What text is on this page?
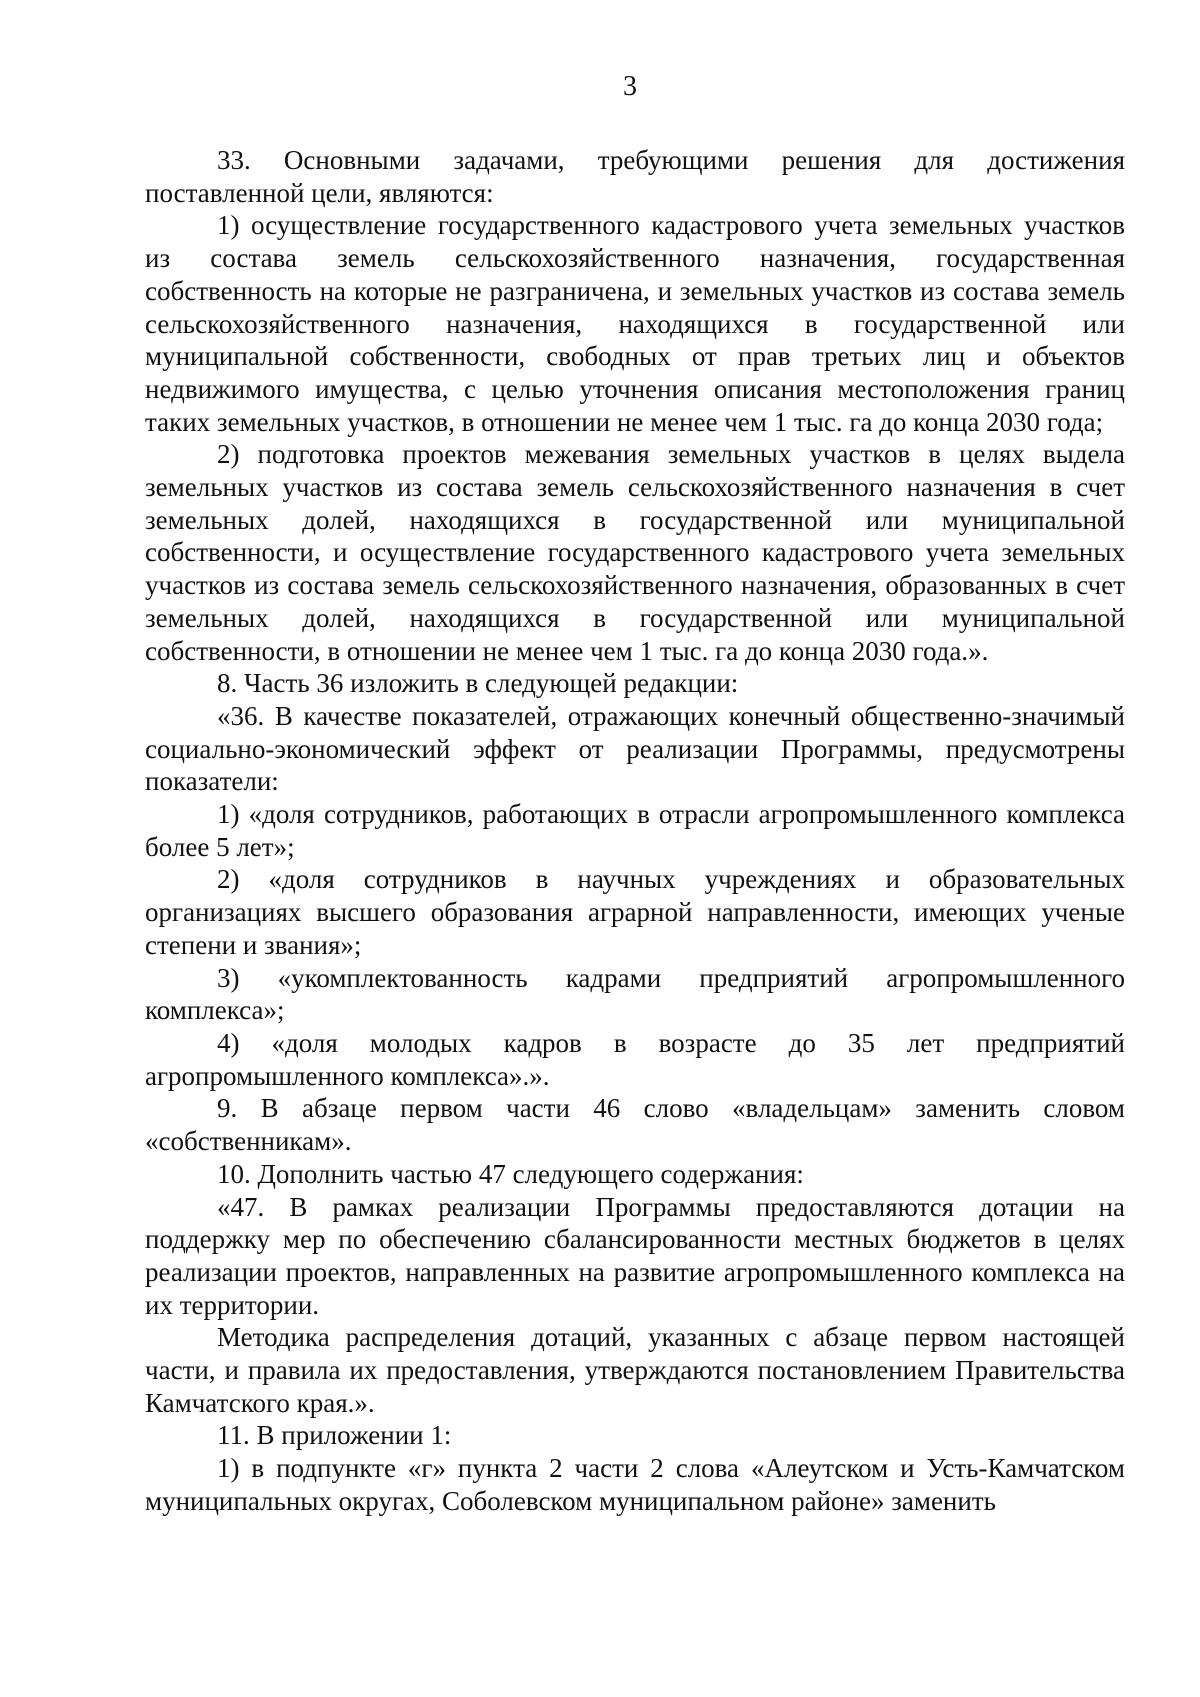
3

33. Основными задачами, требующими решения для достижения поставленной цели, являются:

1) осуществление государственного кадастрового учета земельных участков из состава земель сельскохозяйственного назначения, государственная собственность на которые не разграничена, и земельных участков из состава земель сельскохозяйственного назначения, находящихся в государственной или муниципальной собственности, свободных от прав третьих лиц и объектов недвижимого имущества, с целью уточнения описания местоположения границ таких земельных участков, в отношении не менее чем 1 тыс. га до конца 2030 года;

2) подготовка проектов межевания земельных участков в целях выдела земельных участков из состава земель сельскохозяйственного назначения в счет земельных долей, находящихся в государственной или муниципальной собственности, и осуществление государственного кадастрового учета земельных участков из состава земель сельскохозяйственного назначения, образованных в счет земельных долей, находящихся в государственной или муниципальной собственности, в отношении не менее чем 1 тыс. га до конца 2030 года.».

8. Часть 36 изложить в следующей редакции:

«36. В качестве показателей, отражающих конечный общественно-значимый социально-экономический эффект от реализации Программы, предусмотрены показатели:

1) «доля сотрудников, работающих в отрасли агропромышленного комплекса более 5 лет»;

2) «доля сотрудников в научных учреждениях и образовательных организациях высшего образования аграрной направленности, имеющих ученые степени и звания»;

3) «укомплектованность кадрами предприятий агропромышленного комплекса»;

4) «доля молодых кадров в возрасте до 35 лет предприятий агропромышленного комплекса».».

9. В абзаце первом части 46 слово «владельцам» заменить словом «собственникам».

10. Дополнить частью 47 следующего содержания:

«47. В рамках реализации Программы предоставляются дотации на поддержку мер по обеспечению сбалансированности местных бюджетов в целях реализации проектов, направленных на развитие агропромышленного комплекса на их территории.

Методика распределения дотаций, указанных с абзаце первом настоящей части, и правила их предоставления, утверждаются постановлением Правительства Камчатского края.».

11. В приложении 1:

1) в подпункте «г» пункта 2 части 2 слова «Алеутском и Усть-Камчатском муниципальных округах, Соболевском муниципальном районе» заменить
